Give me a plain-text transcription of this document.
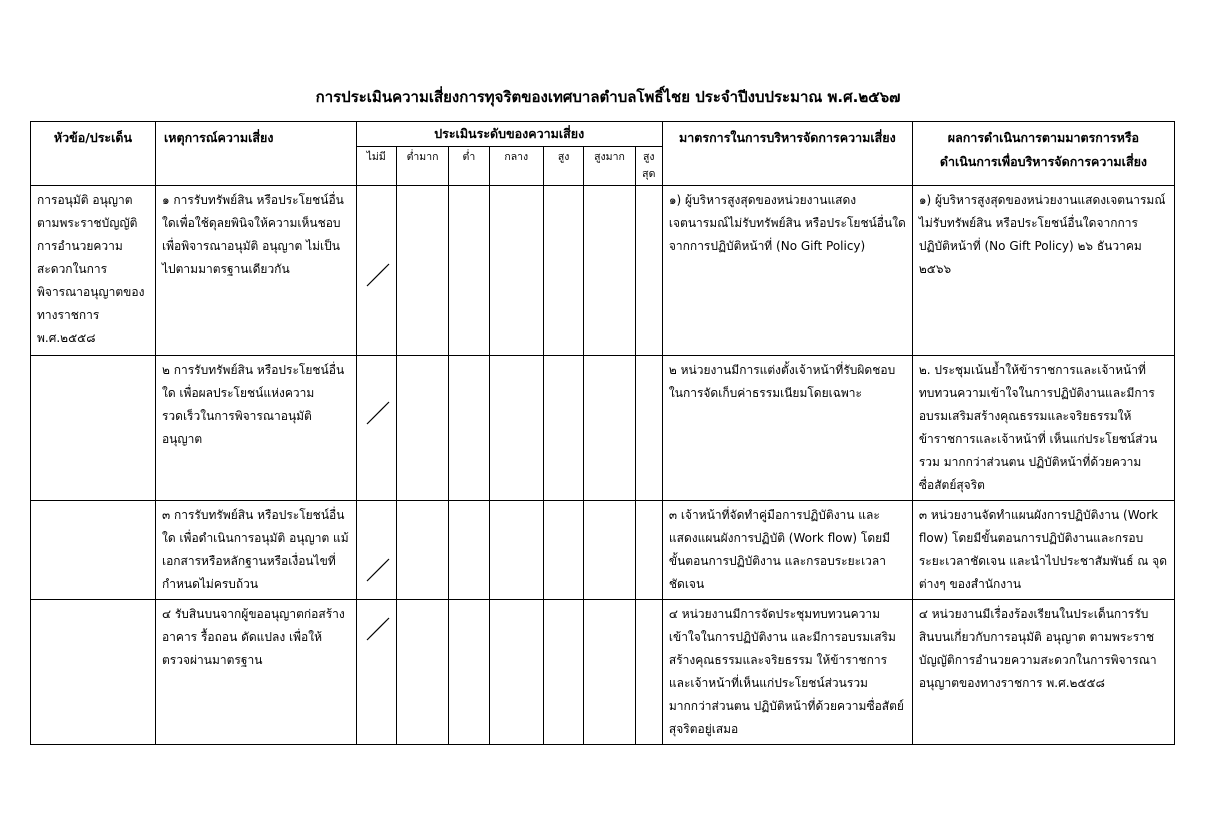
การประเมินความเสี่ยงการทุจริตของเทศบาลตำบลโพธิ์ไชย ประจำปีงบประมาณ พ.ศ.๒๕๖๗
หัวข้อ/ประเด็น	เหตุการณ์ความเสี่ยง	ประเมินระดับของความเสี่ยง							มาตรการในการบริหารจัดการความเสี่ยง	ผลการดำเนินการตามมาตรการหรือ
ดำเนินการเพื่อบริหารจัดการความเสี่ยง
		ไม่มี	ต่ำมาก	ต่ำ	กลาง	สูง	สูงมาก	สูง สุด		
การอนุมัติ อนุญาต ตามพระราชบัญญัติการอำนวยความสะดวกในการพิจารณาอนุญาตของทางราชการ พ.ศ.๒๕๕๘	๑ การรับทรัพย์สิน หรือประโยชน์อื่นใดเพื่อใช้ดุลยพินิจให้ความเห็นชอบเพื่อพิจารณาอนุมัติ อนุญาต ไม่เป็นไปตามมาตรฐานเดียวกัน								๑) ผู้บริหารสูงสุดของหน่วยงานแสดงเจตนารมณ์ไม่รับทรัพย์สิน หรือประโยชน์อื่นใดจากการปฏิบัติหน้าที่ (No Gift Policy)	๑) ผู้บริหารสูงสุดของหน่วยงานแสดงเจตนารมณ์ไม่รับทรัพย์สิน หรือประโยชน์อื่นใดจากการปฏิบัติหน้าที่ (No Gift Policy) ๒๖ ธันวาคม ๒๕๖๖
	๒ การรับทรัพย์สิน หรือประโยชน์อื่นใด เพื่อผลประโยชน์แห่งความรวดเร็วในการพิจารณาอนุมัติ อนุญาต								๒ หน่วยงานมีการแต่งตั้งเจ้าหน้าที่รับผิดชอบในการจัดเก็บค่าธรรมเนียมโดยเฉพาะ	๒. ประชุมเน้นย้ำให้ข้าราชการและเจ้าหน้าที่ทบทวนความเข้าใจในการปฏิบัติงานและมีการอบรมเสริมสร้างคุณธรรมและจริยธรรมให้ข้าราชการและเจ้าหน้าที่ เห็นแก่ประโยชน์ส่วนรวม มากกว่าส่วนตน ปฏิบัติหน้าที่ด้วยความซื่อสัตย์สุจริต
	๓ การรับทรัพย์สิน หรือประโยชน์อื่นใด เพื่อดำเนินการอนุมัติ อนุญาต แม้เอกสารหรือหลักฐานหรือเงื่อนไขที่กำหนดไม่ครบถ้วน								๓ เจ้าหน้าที่จัดทำคู่มือการปฏิบัติงาน และแสดงแผนผังการปฏิบัติ (Work flow) โดยมีขั้นตอนการปฏิบัติงาน และกรอบระยะเวลาชัดเจน	๓ หน่วยงานจัดทำแผนผังการปฏิบัติงาน (Work flow) โดยมีขั้นตอนการปฏิบัติงานและกรอบระยะเวลาชัดเจน และนำไปประชาสัมพันธ์ ณ จุดต่างๆ ของสำนักงาน
	๔ รับสินบนจากผู้ขออนุญาตก่อสร้างอาคาร รื้อถอน ดัดแปลง เพื่อให้ตรวจผ่านมาตรฐาน								๔ หน่วยงานมีการจัดประชุมทบทวนความเข้าใจในการปฏิบัติงาน และมีการอบรมเสริมสร้างคุณธรรมและจริยธรรม ให้ข้าราชการและเจ้าหน้าที่เห็นแก่ประโยชน์ส่วนรวมมากกว่าส่วนตน ปฏิบัติหน้าที่ด้วยความซื่อสัตย์สุจริตอยู่เสมอ	๔ หน่วยงานมีเรื่องร้องเรียนในประเด็นการรับสินบนเกี่ยวกับการอนุมัติ อนุญาต ตามพระราชบัญญัติการอำนวยความสะดวกในการพิจารณาอนุญาตของทางราชการ พ.ศ.๒๕๕๘
